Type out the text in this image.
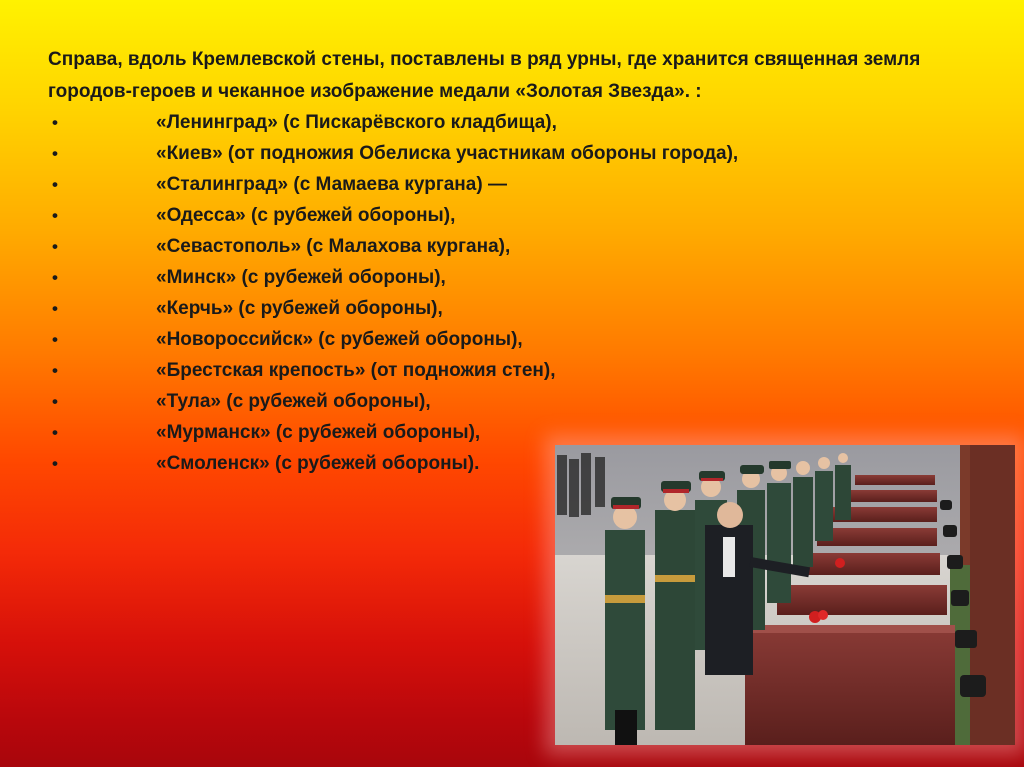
Справа, вдоль Кремлевской стены, поставлены в ряд урны, где хранится священная земля городов-героев и чеканное изображение медали «Золотая Звезда». :

•	«Ленинград» (с Пискарёвского кладбища),
•	«Киев» (от подножия Обелиска участникам обороны города),
•	«Сталинград» (с Мамаева кургана) —
•	«Одесса» (с рубежей обороны),
•	«Севастополь» (с Малахова кургана),
•	«Минск» (с рубежей обороны),
•	«Керчь» (с рубежей обороны),
•	«Новороссийск» (с рубежей обороны),
•	«Брестская крепость» (от подножия стен),
•	«Тула» (с рубежей обороны),
•	«Мурманск» (с рубежей обороны),
•	«Смоленск» (с рубежей обороны).
